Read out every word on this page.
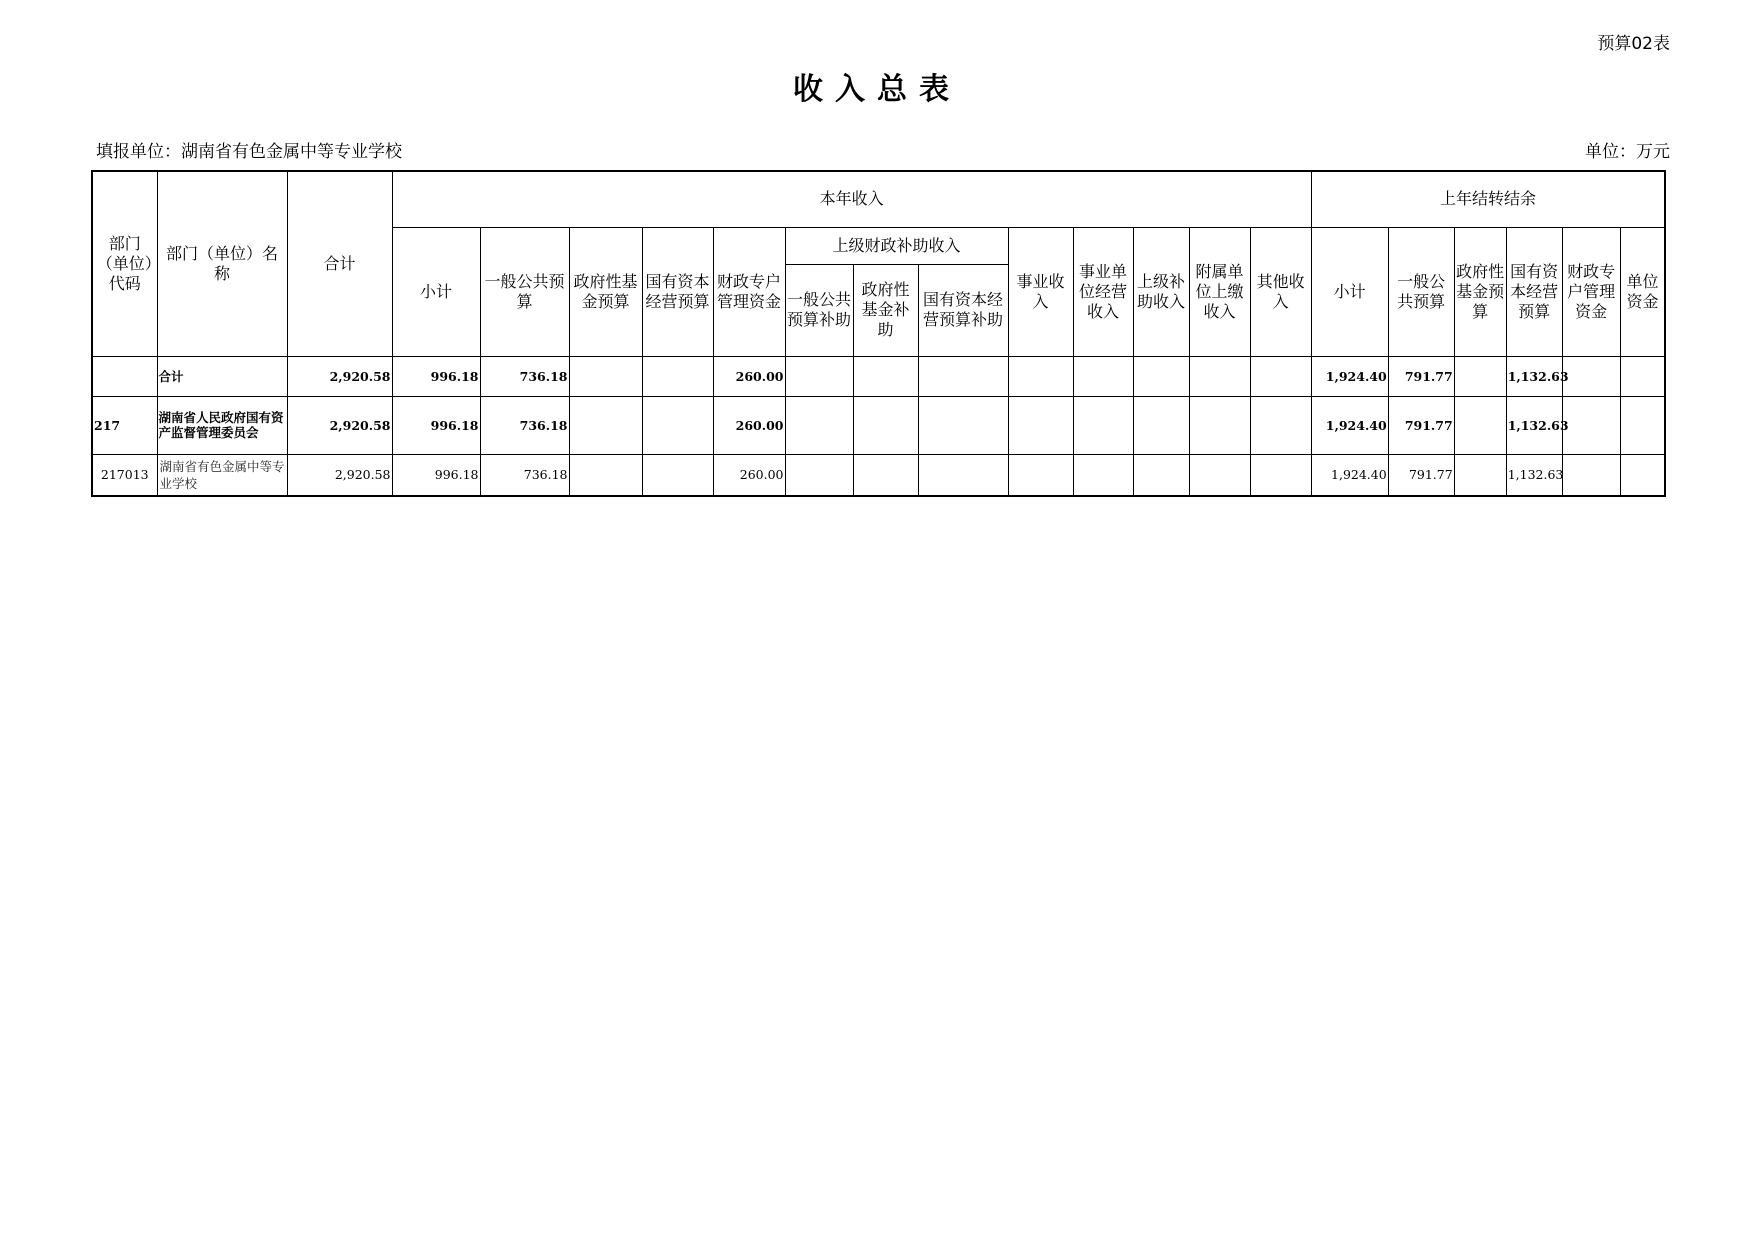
预算02表
收入总表
填报单位：湖南省有色金属中等专业学校	单位：万元
部门（单位）代码	部门（单位）名称	合计	本年收入													上年结转结余					
			小计	一般公共预算	政府性基金预算	国有资本经营预算	财政专户管理资金	上级财政补助收入			事业收入	事业单位经营收入	上级补助收入	附属单位上缴收入	其他收入	小计	一般公共预算	政府性基金预算	国有资本经营预算	财政专户管理资金	单位资金
								一般公共预算补助	政府性基金补助	国有资本经营预算补助											
	合计	2,920.58	996.18	736.18			260.00									1,924.40	791.77		1,132.63		
217	湖南省人民政府国有资产监督管理委员会	2,920.58	996.18	736.18			260.00									1,924.40	791.77		1,132.63		
217013	湖南省有色金属中等专业学校	2,920.58	996.18	736.18			260.00									1,924.40	791.77		1,132.63		
